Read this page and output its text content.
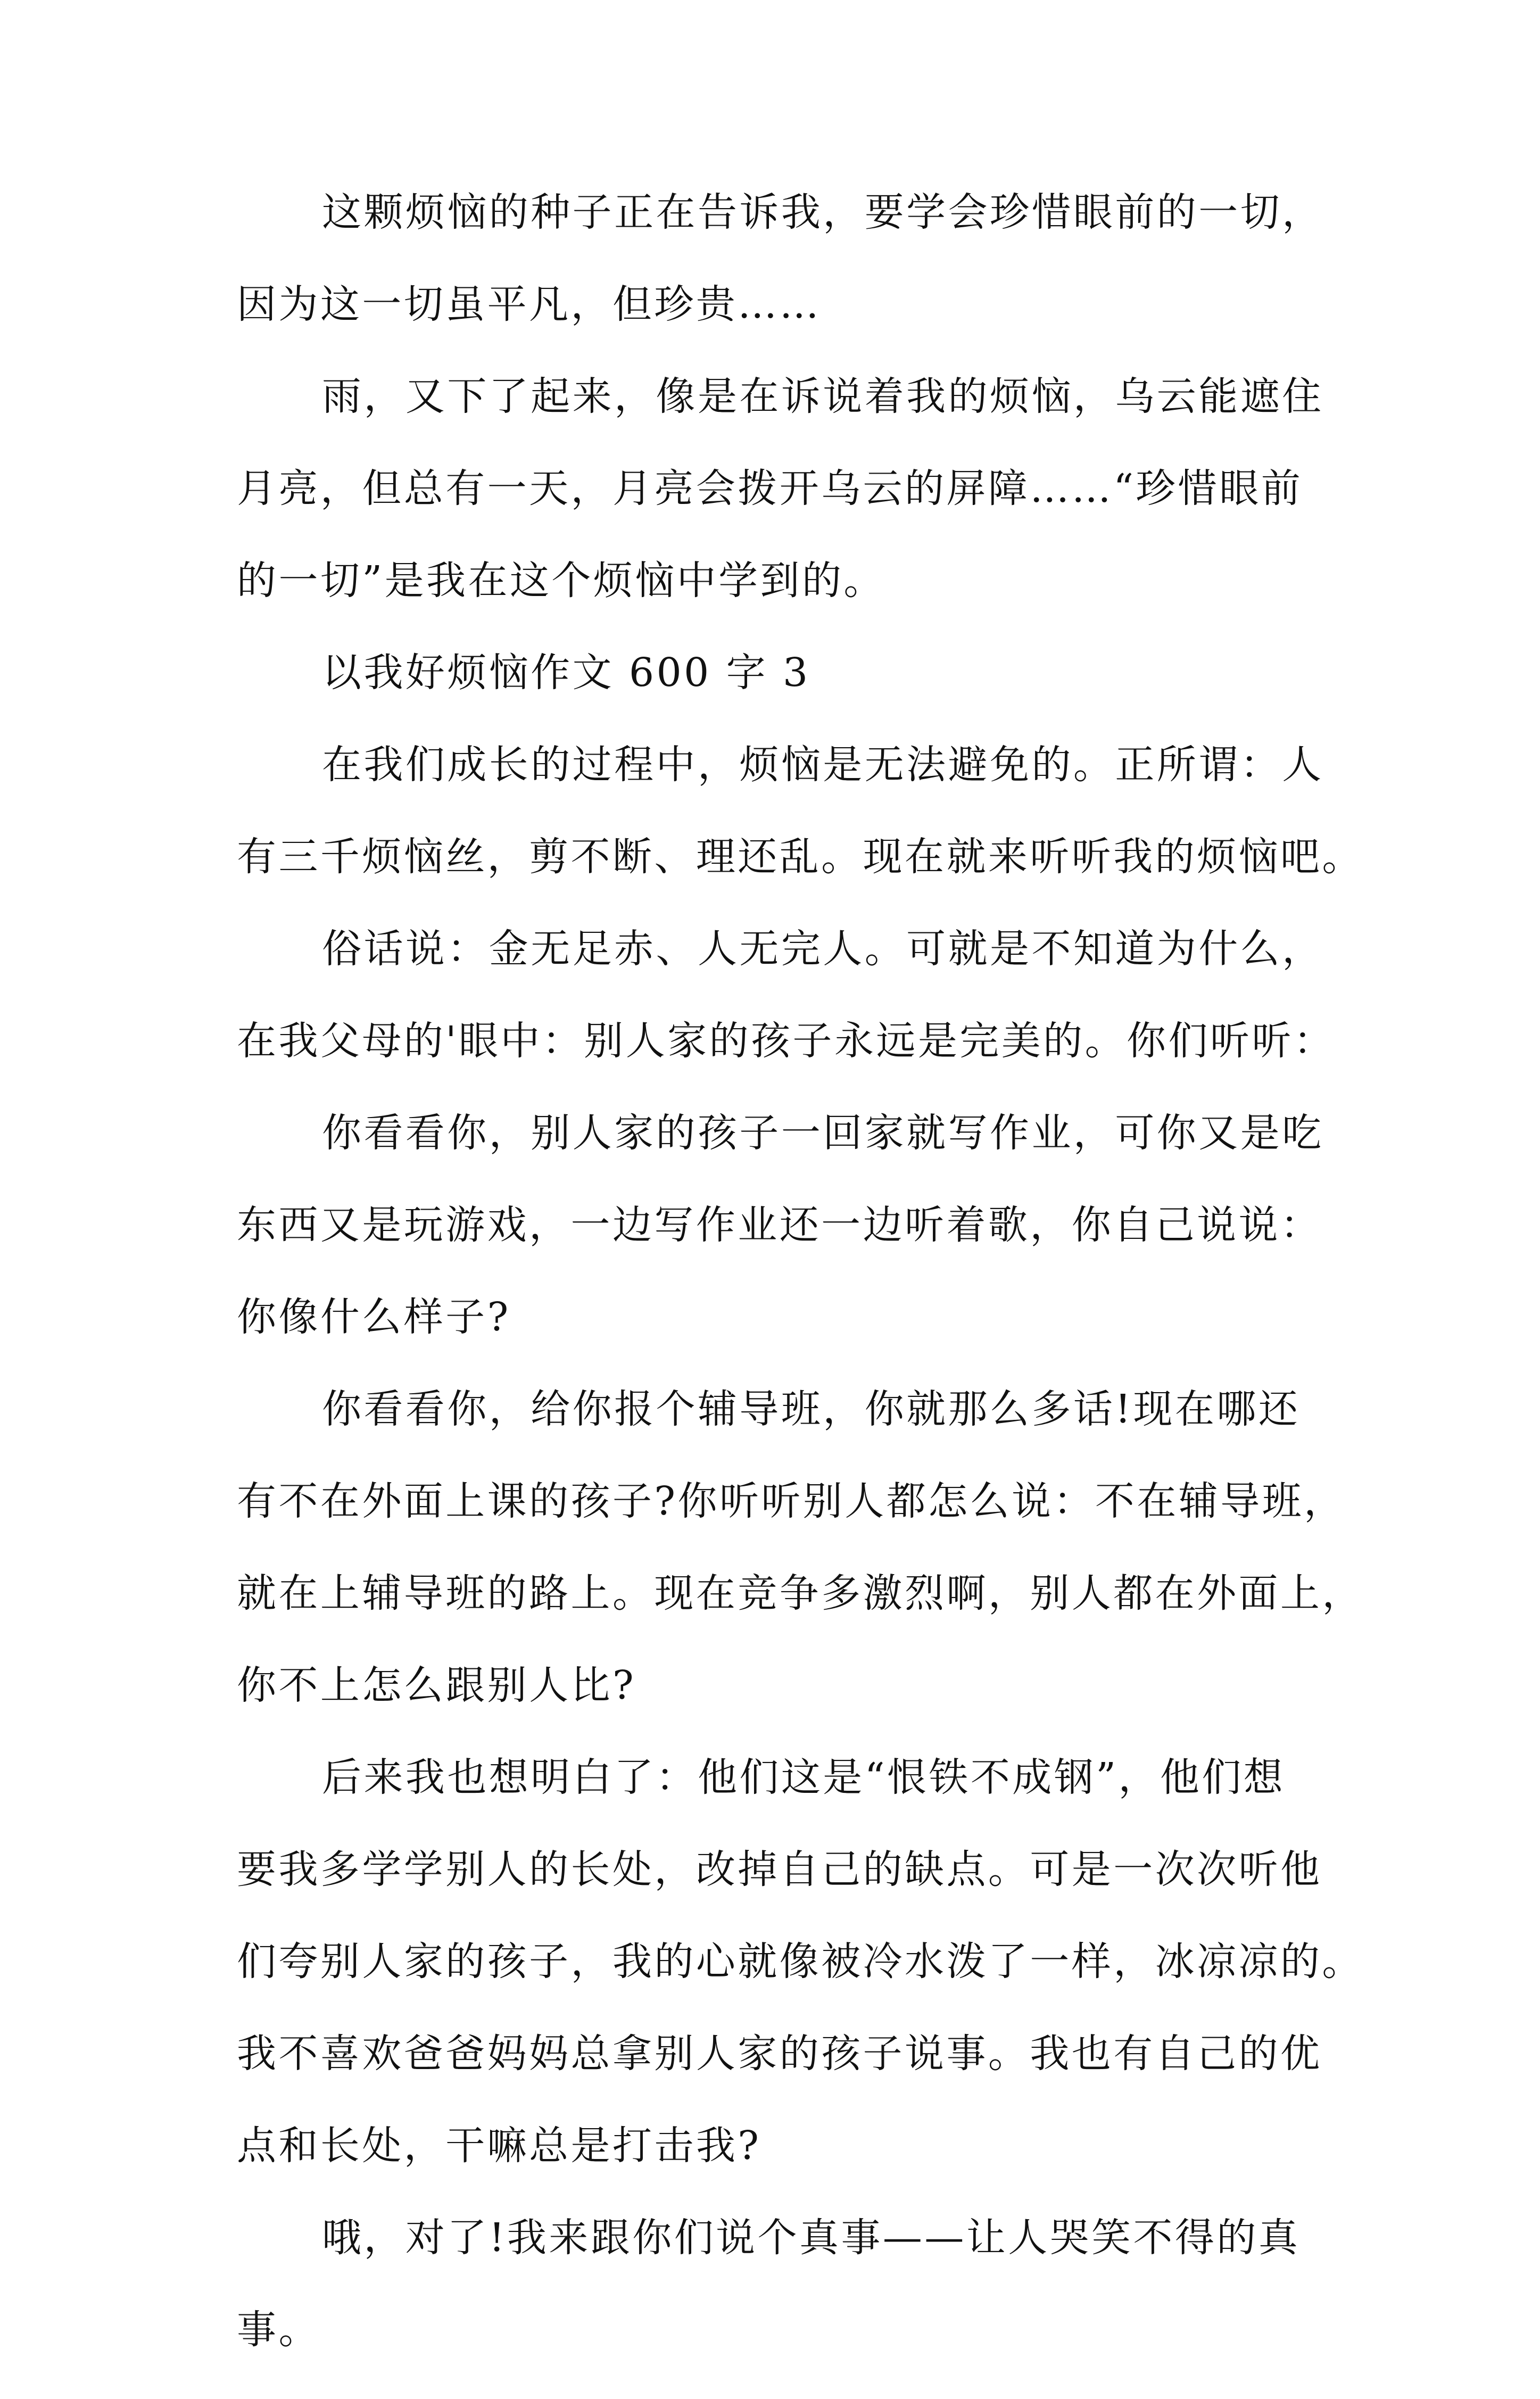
这颗烦恼的种子正在告诉我，要学会珍惜眼前的一切，
因为这一切虽平凡，但珍贵……
雨，又下了起来，像是在诉说着我的烦恼，乌云能遮住
月亮，但总有一天，月亮会拨开乌云的屏障……“珍惜眼前
的一切”是我在这个烦恼中学到的。
以我好烦恼作文 600 字 3
在我们成长的过程中，烦恼是无法避免的。正所谓：人
有三千烦恼丝，剪不断、理还乱。现在就来听听我的烦恼吧。
俗话说：金无足赤、人无完人。可就是不知道为什么，
在我父母的'眼中：别人家的孩子永远是完美的。你们听听：
你看看你，别人家的孩子一回家就写作业，可你又是吃
东西又是玩游戏，一边写作业还一边听着歌，你自己说说：
你像什么样子?
你看看你，给你报个辅导班，你就那么多话!现在哪还
有不在外面上课的孩子?你听听别人都怎么说：不在辅导班，
就在上辅导班的路上。现在竞争多激烈啊，别人都在外面上，
你不上怎么跟别人比?
后来我也想明白了：他们这是“恨铁不成钢”，他们想
要我多学学别人的长处，改掉自己的缺点。可是一次次听他
们夸别人家的孩子，我的心就像被冷水泼了一样，冰凉凉的。
我不喜欢爸爸妈妈总拿别人家的孩子说事。我也有自己的优
点和长处，干嘛总是打击我?
哦，对了!我来跟你们说个真事——让人哭笑不得的真
事。
